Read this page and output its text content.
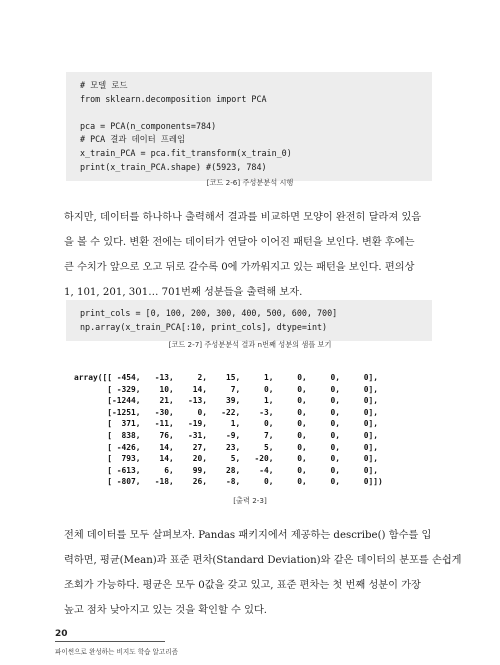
# 모델 로드
from sklearn.decomposition import PCA

pca = PCA(n_components=784)
# PCA 결과 데이터 프레임
x_train_PCA = pca.fit_transform(x_train_0)
print(x_train_PCA.shape) #(5923, 784)
[코드 2-6] 주성분분석 시행
하지만, 데이터를 하나하나 출력해서 결과를 비교하면 모양이 완전히 달라져 있음
을 볼 수 있다. 변환 전에는 데이터가 연달아 이어진 패턴을 보인다. 변환 후에는
큰 수치가 앞으로 오고 뒤로 갈수록 0에 가까워지고 있는 패턴을 보인다. 편의상
1, 101, 201, 301… 701번째 성분들을 출력해 보자.
print_cols = [0, 100, 200, 300, 400, 500, 600, 700]
np.array(x_train_PCA[:10, print_cols], dtype=int)
[코드 2-7] 주성분분석 결과 n번째 성분의 샘플 보기
array([[ -454,   -13,     2,    15,     1,     0,     0,     0],
[ -329,    10,    14,     7,     0,     0,     0,     0],
[-1244,    21,   -13,    39,     1,     0,     0,     0],
[-1251,   -30,     0,   -22,    -3,     0,     0,     0],
[  371,   -11,   -19,     1,     0,     0,     0,     0],
[  838,    76,   -31,    -9,     7,     0,     0,     0],
[ -426,    14,    27,    23,     5,     0,     0,     0],
[  793,    14,    20,     5,   -20,     0,     0,     0],
[ -613,     6,    99,    28,    -4,     0,     0,     0],
[ -807,   -18,    26,    -8,     0,     0,     0,     0]])
[출력 2-3]
전체 데이터를 모두 살펴보자. Pandas 패키지에서 제공하는 describe() 함수를 입
력하면, 평균(Mean)과 표준 편차(Standard Deviation)와 같은 데이터의 분포를 손쉽게
조회가 가능하다. 평균은 모두 0값을 갖고 있고, 표준 편차는 첫 번째 성분이 가장
높고 점차 낮아지고 있는 것을 확인할 수 있다.
20
파이썬으로 완성하는 비지도 학습 알고리즘
